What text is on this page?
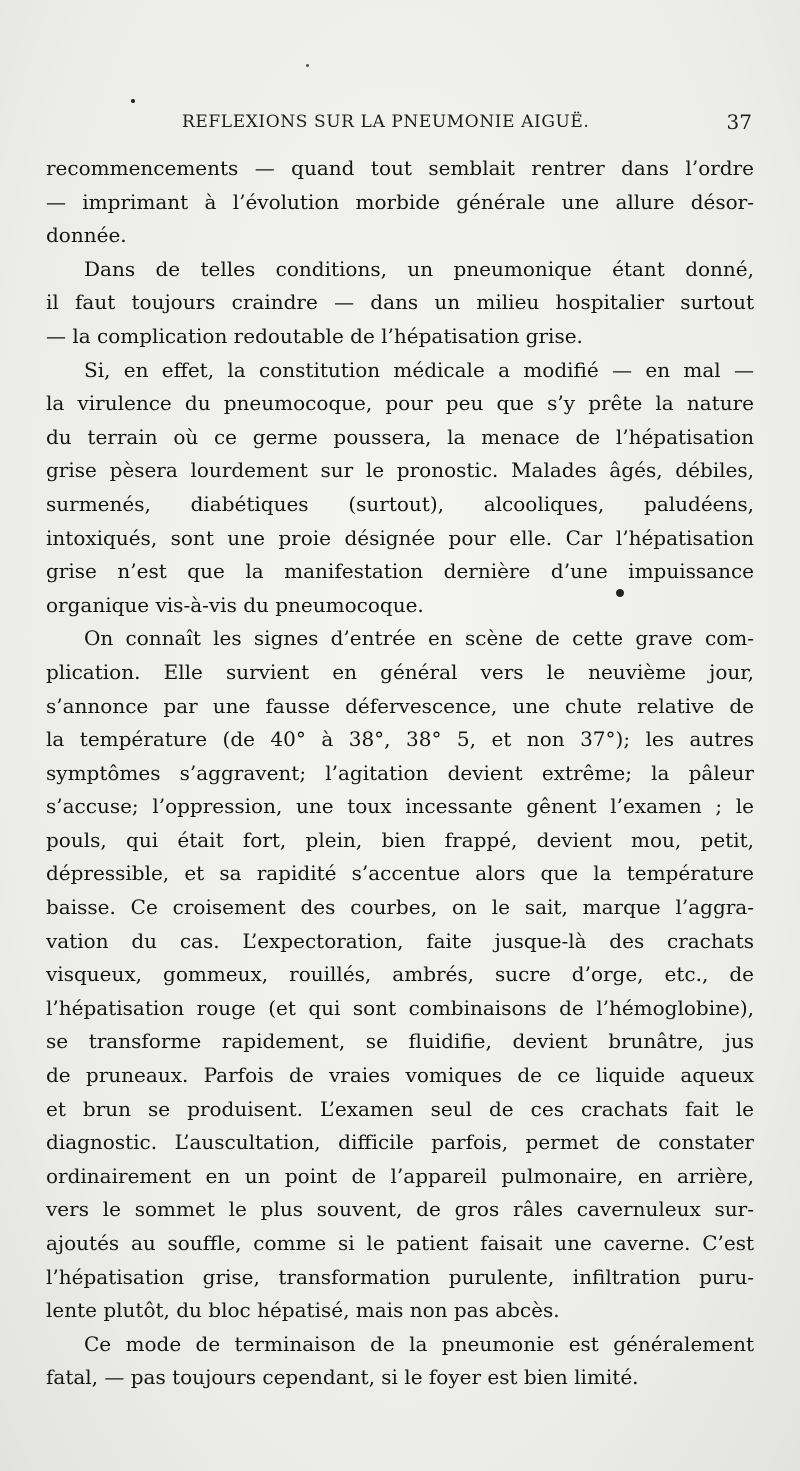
REFLEXIONS SUR LA PNEUMONIE AIGUË.	37
recommencements — quand tout semblait rentrer dans l’ordre
— imprimant à l’évolution morbide générale une allure désor-
donnée.
Dans de telles conditions, un pneumonique étant donné,
il faut toujours craindre — dans un milieu hospitalier surtout
— la complication redoutable de l’hépatisation grise.
Si, en effet, la constitution médicale a modifié — en mal —
la virulence du pneumocoque, pour peu que s’y prête la nature
du terrain où ce germe poussera, la menace de l’hépatisation
grise pèsera lourdement sur le pronostic. Malades âgés, débiles,
surmenés, diabétiques (surtout), alcooliques, paludéens,
intoxiqués, sont une proie désignée pour elle. Car l’hépatisation
grise n’est que la manifestation dernière d’une impuissance
organique vis-à-vis du pneumocoque.
On connaît les signes d’entrée en scène de cette grave com-
plication. Elle survient en général vers le neuvième jour,
s’annonce par une fausse défervescence, une chute relative de
la température (de 40° à 38°, 38° 5, et non 37°); les autres
symptômes s’aggravent; l’agitation devient extrême; la pâleur
s’accuse; l’oppression, une toux incessante gênent l’examen ; le
pouls, qui était fort, plein, bien frappé, devient mou, petit,
dépressible, et sa rapidité s’accentue alors que la température
baisse. Ce croisement des courbes, on le sait, marque l’aggra-
vation du cas. L’expectoration, faite jusque-là des crachats
visqueux, gommeux, rouillés, ambrés, sucre d’orge, etc., de
l’hépatisation rouge (et qui sont combinaisons de l’hémoglobine),
se transforme rapidement, se fluidifie, devient brunâtre, jus
de pruneaux. Parfois de vraies vomiques de ce liquide aqueux
et brun se produisent. L’examen seul de ces crachats fait le
diagnostic. L’auscultation, difficile parfois, permet de constater
ordinairement en un point de l’appareil pulmonaire, en arrière,
vers le sommet le plus souvent, de gros râles cavernuleux sur-
ajoutés au souffle, comme si le patient faisait une caverne. C’est
l’hépatisation grise, transformation purulente, infiltration puru-
lente plutôt, du bloc hépatisé, mais non pas abcès.
Ce mode de terminaison de la pneumonie est généralement
fatal, — pas toujours cependant, si le foyer est bien limité.
